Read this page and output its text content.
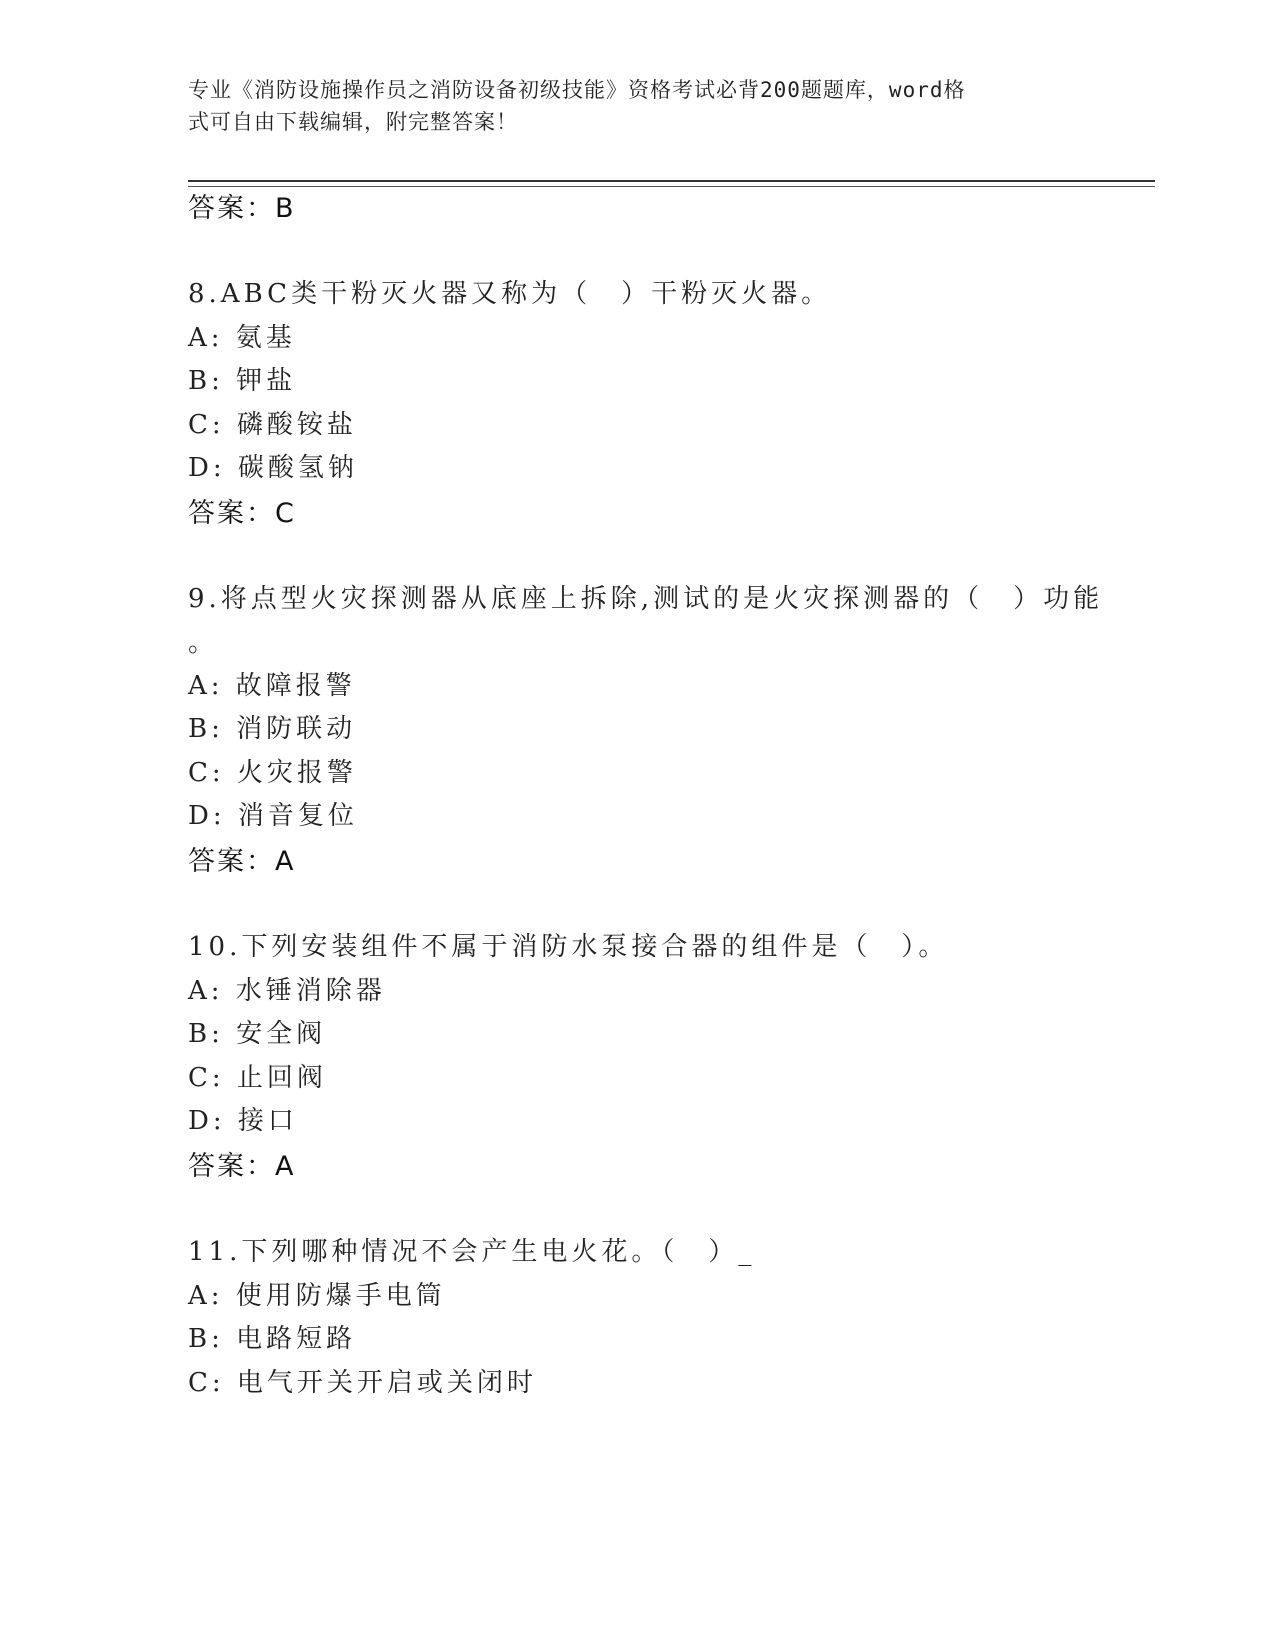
专业《消防设施操作员之消防设备初级技能》资格考试必背200题题库，word格
式可自由下载编辑，附完整答案！
答案：B
8.ABC类干粉灭火器又称为（　）干粉灭火器。
A: 氨基
B: 钾盐
C: 磷酸铵盐
D: 碳酸氢钠
答案：C
9.将点型火灾探测器从底座上拆除,测试的是火灾探测器的（　）功能
。
A: 故障报警
B: 消防联动
C: 火灾报警
D: 消音复位
答案：A
10.下列安装组件不属于消防水泵接合器的组件是（　）。
A: 水锤消除器
B: 安全阀
C: 止回阀
D: 接口
答案：A
11.下列哪种情况不会产生电火花。（　）_
A: 使用防爆手电筒
B: 电路短路
C: 电气开关开启或关闭时
